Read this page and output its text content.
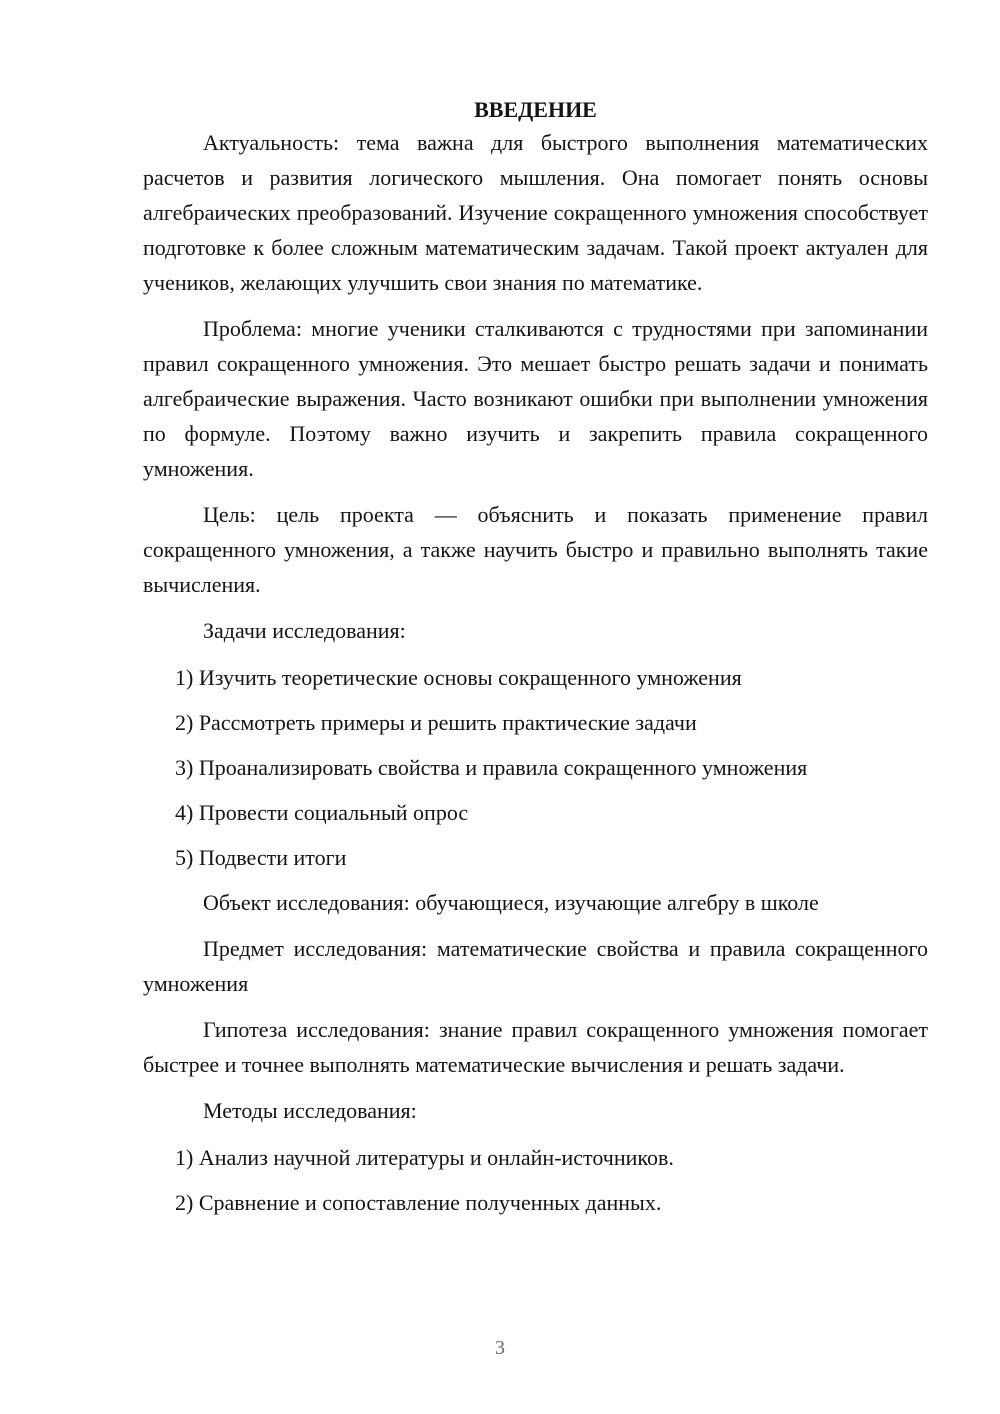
ВВЕДЕНИЕ

Актуальность: тема важна для быстрого выполнения математических расчетов и развития логического мышления. Она помогает понять основы алгебраических преобразований. Изучение сокращенного умножения способствует подготовке к более сложным математическим задачам. Такой проект актуален для учеников, желающих улучшить свои знания по математике.

Проблема: многие ученики сталкиваются с трудностями при запоминании правил сокращенного умножения. Это мешает быстро решать задачи и понимать алгебраические выражения. Часто возникают ошибки при выполнении умножения по формуле. Поэтому важно изучить и закрепить правила сокращенного умножения.

Цель: цель проекта — объяснить и показать применение правил сокращенного умножения, а также научить быстро и правильно выполнять такие вычисления.

Задачи исследования:

1) Изучить теоретические основы сокращенного умножения
2) Рассмотреть примеры и решить практические задачи
3) Проанализировать свойства и правила сокращенного умножения
4) Провести социальный опрос
5) Подвести итоги

Объект исследования: обучающиеся, изучающие алгебру в школе

Предмет исследования: математические свойства и правила сокращенного умножения

Гипотеза исследования: знание правил сокращенного умножения помогает быстрее и точнее выполнять математические вычисления и решать задачи.

Методы исследования:

1) Анализ научной литературы и онлайн-источников.
2) Сравнение и сопоставление полученных данных.
3
